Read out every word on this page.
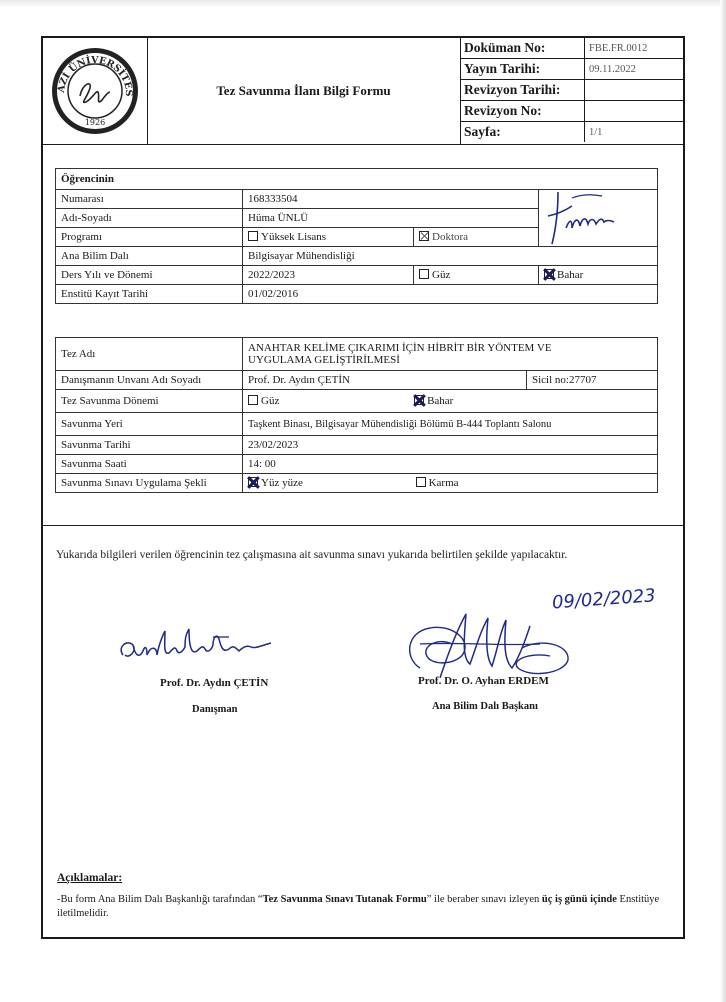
GAZİ ÜNİVERSİTESİ
1926
Tez Savunma İlanı Bilgi Formu
Doküman No:	FBE.FR.0012
Yayın Tarihi:	09.11.2022
Revizyon Tarihi:	
Revizyon No:	
Sayfa:	1/1
Öğrencinin			
Numarası	168333504		
Adı-Soyadı	Hüma ÜNLÜ		
Programı	Yüksek Lisans	Doktora	
Ana Bilim Dalı	Bilgisayar Mühendisliği		
Ders Yılı ve Dönemi	2022/2023	Güz	Bahar
Enstitü Kayıt Tarihi	01/02/2016		
Tez Adı	ANAHTAR KELİME ÇIKARIMI İÇİN HİBRİT BİR YÖNTEM VE
UYGULAMA GELİŞTİRİLMESİ	
Danışmanın Unvanı Adı Soyadı	Prof. Dr. Aydın ÇETİN	Sicil no:27707
Tez Savunma Dönemi	Güz Bahar	
Savunma Yeri	Taşkent Binası, Bilgisayar Mühendisliği Bölümü B-444 Toplantı Salonu	
Savunma Tarihi	23/02/2023	
Savunma Saati	14: 00	
Savunma Sınavı Uygulama Şekli	Yüz yüze Karma	
Yukarıda bilgileri verilen öğrencinin tez çalışmasına ait savunma sınavı yukarıda belirtilen şekilde yapılacaktır.
09/02/2023
Prof. Dr. Aydın ÇETİN
Danışman
Prof. Dr. O. Ayhan ERDEM
Ana Bilim Dalı Başkanı
Açıklamalar:
-Bu form Ana Bilim Dalı Başkanlığı tarafından “Tez Savunma Sınavı Tutanak Formu” ile beraber sınavı izleyen üç iş günü içinde Enstitüye iletilmelidir.
